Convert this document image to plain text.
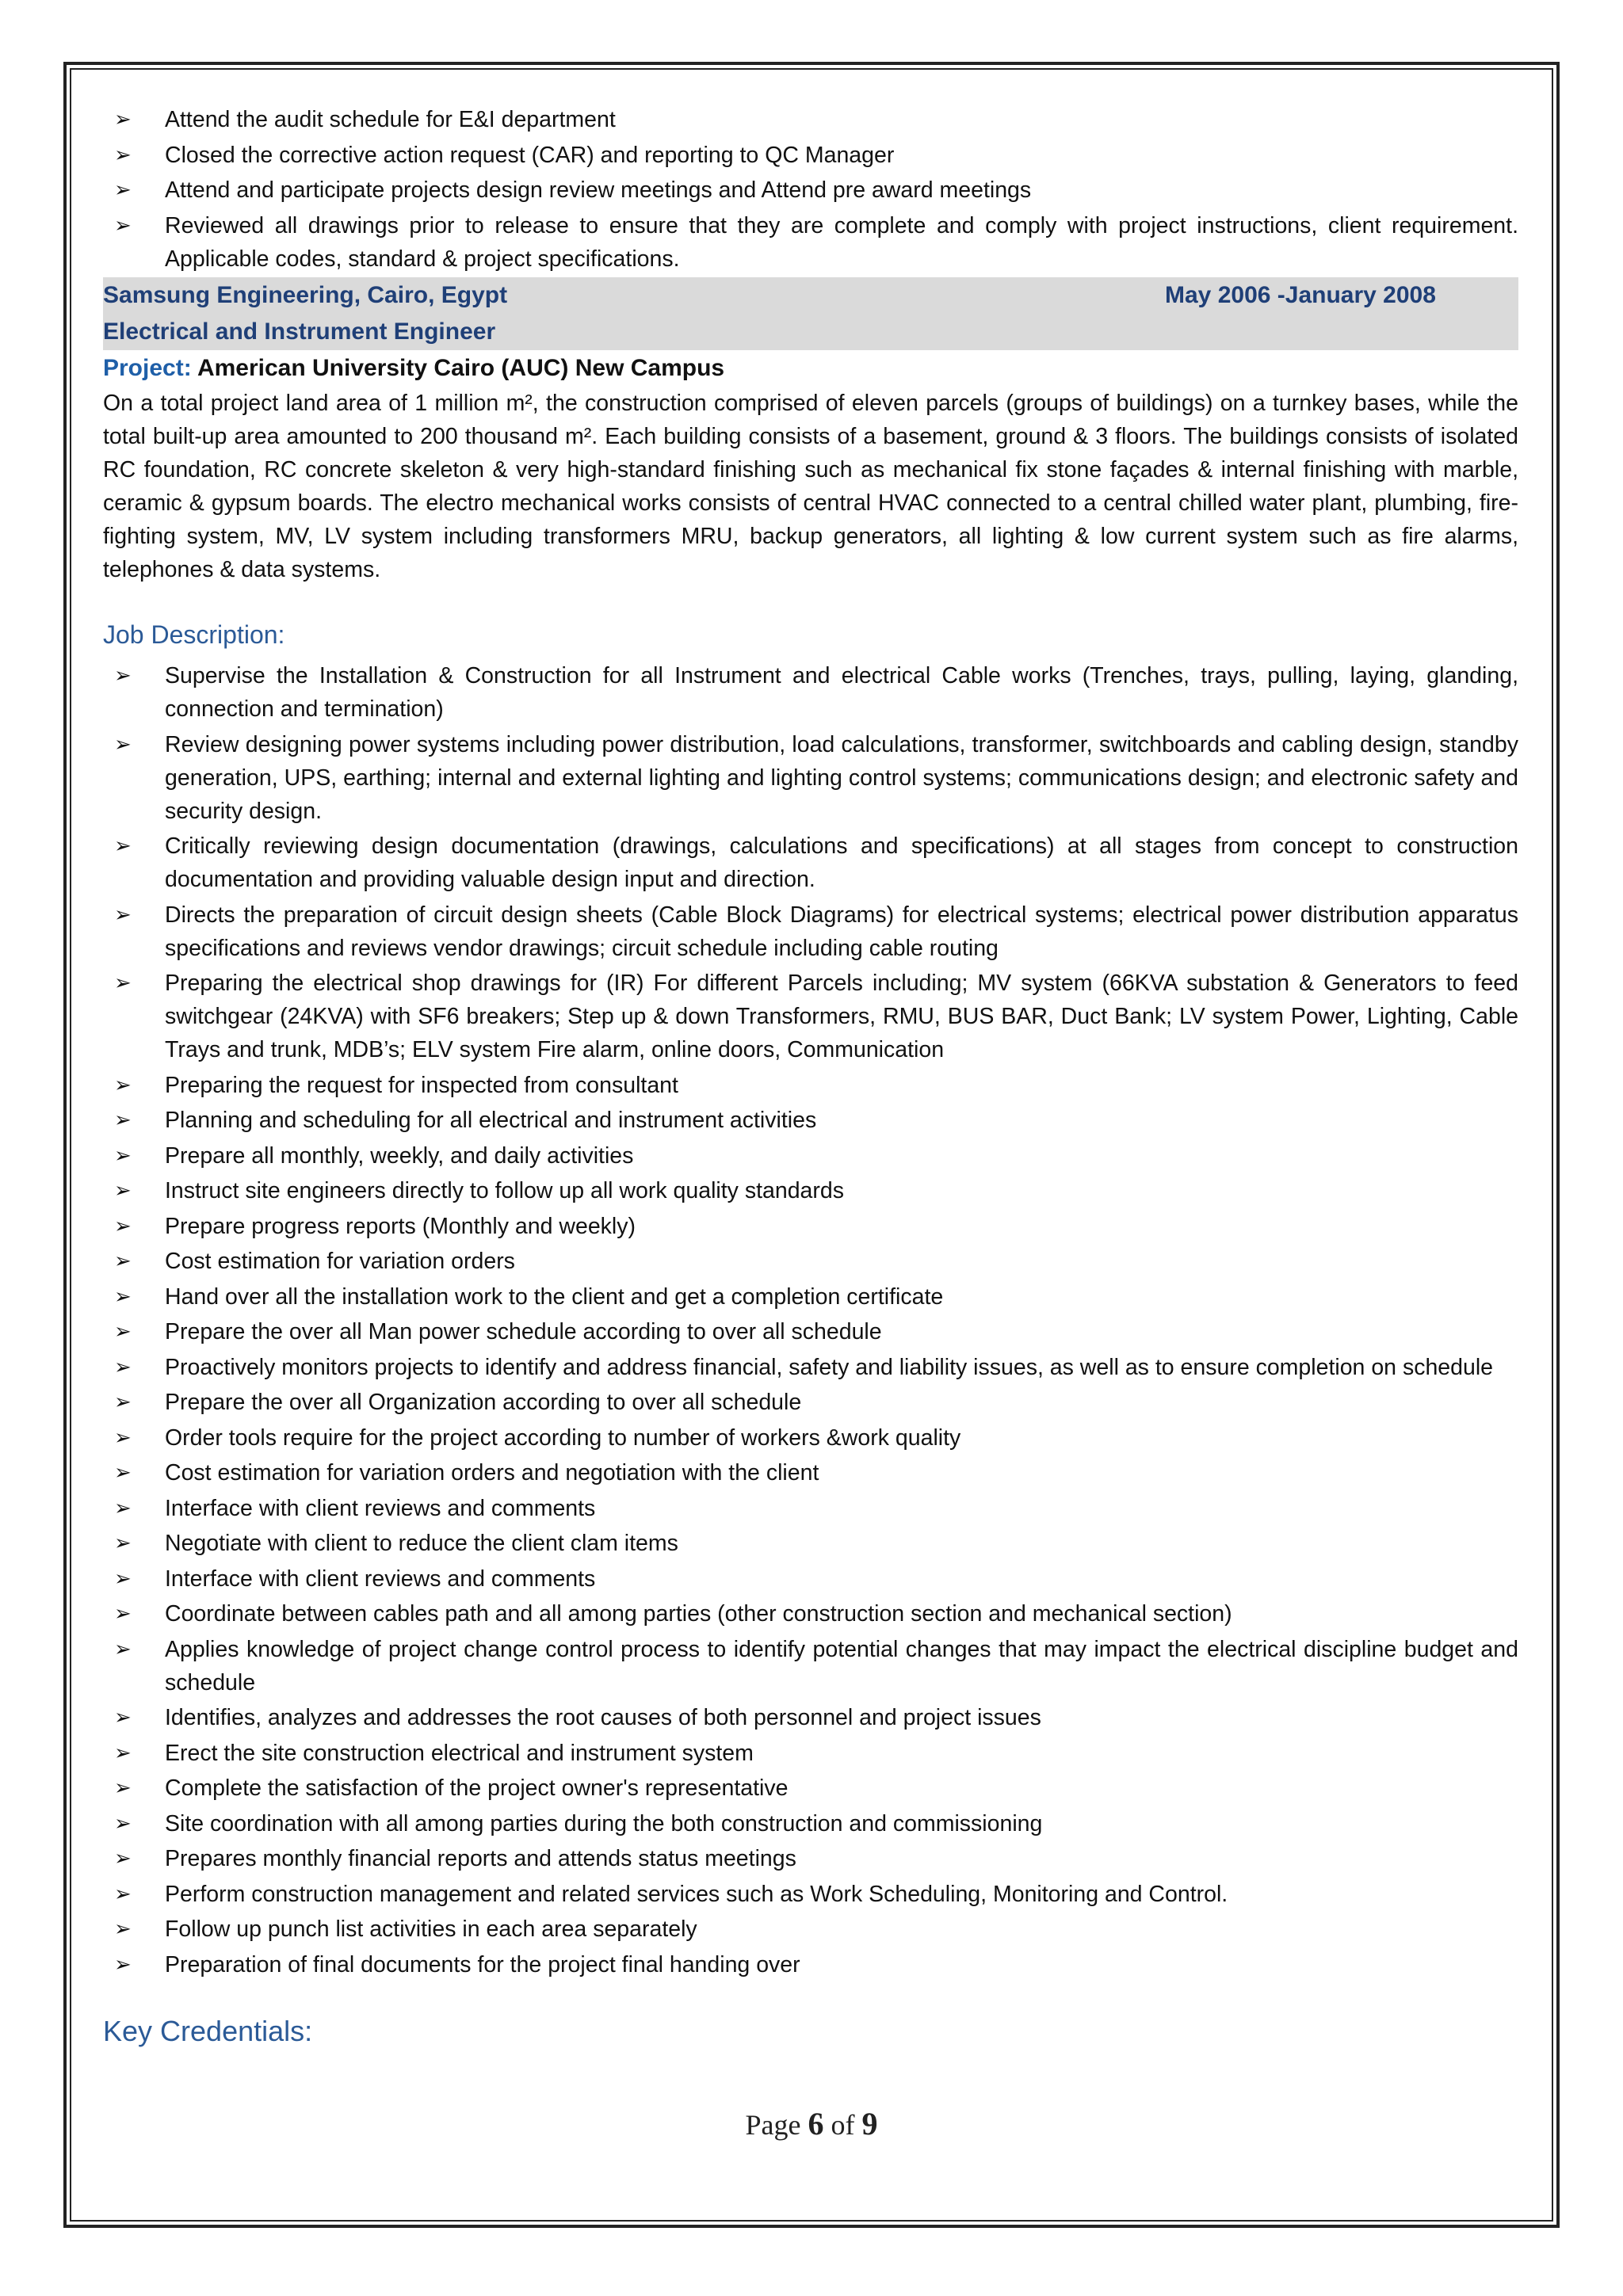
➢ Attend the audit schedule for E&I department
➢ Closed the corrective action request (CAR) and reporting to QC Manager
➢ Attend and participate projects design review meetings and Attend pre award meetings
➢ Reviewed all drawings prior to release to ensure that they are complete and comply with project instructions, client requirement. Applicable codes, standard & project specifications.
Samsung Engineering, Cairo, Egypt	May 2006 -January 2008
Electrical and Instrument Engineer
Project: American University Cairo (AUC) New Campus

On a total project land area of 1 million m², the construction comprised of eleven parcels (groups of buildings) on a turnkey bases, while the total built-up area amounted to 200 thousand m². Each building consists of a basement, ground & 3 floors. The buildings consists of isolated RC foundation, RC concrete skeleton & very high-standard finishing such as mechanical fix stone façades & internal finishing with marble, ceramic & gypsum boards. The electro mechanical works consists of central HVAC connected to a central chilled water plant, plumbing, fire-fighting system, MV, LV system including transformers MRU, backup generators, all lighting & low current system such as fire alarms, telephones & data systems.

Job Description:
➢ Supervise the Installation & Construction for all Instrument and electrical Cable works (Trenches, trays, pulling, laying, glanding, connection and termination)
➢ Review designing power systems including power distribution, load calculations, transformer, switchboards and cabling design, standby generation, UPS, earthing; internal and external lighting and lighting control systems; communications design; and electronic safety and security design.
➢ Critically reviewing design documentation (drawings, calculations and specifications) at all stages from concept to construction documentation and providing valuable design input and direction.
➢ Directs the preparation of circuit design sheets (Cable Block Diagrams) for electrical systems; electrical power distribution apparatus specifications and reviews vendor drawings; circuit schedule including cable routing
➢ Preparing the electrical shop drawings for (IR) For different Parcels including; MV system (66KVA substation & Generators to feed switchgear (24KVA) with SF6 breakers; Step up & down Transformers, RMU, BUS BAR, Duct Bank; LV system Power, Lighting, Cable Trays and trunk, MDB’s; ELV system Fire alarm, online doors, Communication
➢ Preparing the request for inspected from consultant
➢ Planning and scheduling for all electrical and instrument activities
➢ Prepare all monthly, weekly, and daily activities
➢ Instruct site engineers directly to follow up all work quality standards
➢ Prepare progress reports (Monthly and weekly)
➢ Cost estimation for variation orders
➢ Hand over all the installation work to the client and get a completion certificate
➢ Prepare the over all Man power schedule according to over all schedule
➢ Proactively monitors projects to identify and address financial, safety and liability issues, as well as to ensure completion on schedule
➢ Prepare the over all Organization according to over all schedule
➢ Order tools require for the project according to number of workers &work quality
➢ Cost estimation for variation orders and negotiation with the client
➢ Interface with client reviews and comments
➢ Negotiate with client to reduce the client clam items
➢ Interface with client reviews and comments
➢ Coordinate between cables path and all among parties (other construction section and mechanical section)
➢ Applies knowledge of project change control process to identify potential changes that may impact the electrical discipline budget and schedule
➢ Identifies, analyzes and addresses the root causes of both personnel and project issues
➢ Erect the site construction electrical and instrument system
➢ Complete the satisfaction of the project owner's representative
➢ Site coordination with all among parties during the both construction and commissioning
➢ Prepares monthly financial reports and attends status meetings
➢ Perform construction management and related services such as Work Scheduling, Monitoring and Control.
➢ Follow up punch list activities in each area separately
➢ Preparation of final documents for the project final handing over
Key Credentials:
Page 6 of 9
